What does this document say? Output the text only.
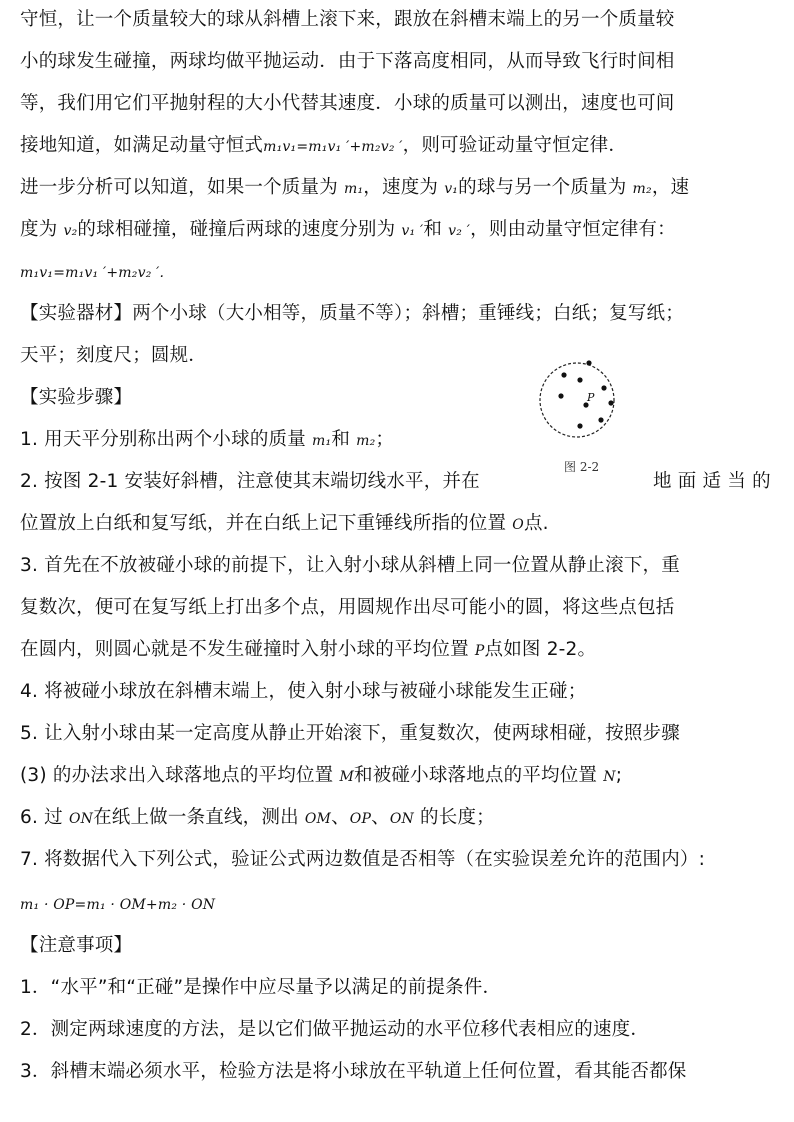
守恒，让一个质量较大的球从斜槽上滚下来，跟放在斜槽末端上的另一个质量较
小的球发生碰撞，两球均做平抛运动．由于下落高度相同，从而导致飞行时间相
等，我们用它们平抛射程的大小代替其速度．小球的质量可以测出，速度也可间
接地知道，如满足动量守恒式m₁v₁=m₁v₁ ′+m₂v₂ ′，则可验证动量守恒定律．
进一步分析可以知道，如果一个质量为 m₁，速度为 v₁的球与另一个质量为 m₂，速
度为 v₂的球相碰撞，碰撞后两球的速度分别为 v₁ ′和 v₂ ′，则由动量守恒定律有：
m₁v₁=m₁v₁ ′+m₂v₂ ′.
【实验器材】两个小球（大小相等，质量不等）；斜槽；重锤线；白纸；复写纸；
天平；刻度尺；圆规．
【实验步骤】
1. 用天平分别称出两个小球的质量 m₁和 m₂；
2. 按图 2-1 安装好斜槽，注意使其末端切线水平，并在	地 面 适 当 的
位置放上白纸和复写纸，并在白纸上记下重锤线所指的位置 O点.
3. 首先在不放被碰小球的前提下，让入射小球从斜槽上同一位置从静止滚下，重
复数次，便可在复写纸上打出多个点，用圆规作出尽可能小的圆，将这些点包括
在圆内，则圆心就是不发生碰撞时入射小球的平均位置 P点如图 2-2。
4. 将被碰小球放在斜槽末端上，使入射小球与被碰小球能发生正碰；
5. 让入射小球由某一定高度从静止开始滚下，重复数次，使两球相碰，按照步骤
(3) 的办法求出入球落地点的平均位置 M和被碰小球落地点的平均位置 N;
6. 过 ON在纸上做一条直线，测出 OM、OP、ON 的长度；
7. 将数据代入下列公式，验证公式两边数值是否相等（在实验误差允许的范围内）:
m₁ · OP=m₁ · OM+m₂ · ON
【注意事项】
1．“水平”和“正碰”是操作中应尽量予以满足的前提条件．
2．测定两球速度的方法，是以它们做平抛运动的水平位移代表相应的速度．
3．斜槽末端必须水平，检验方法是将小球放在平轨道上任何位置，看其能否都保
P
图 2-2
